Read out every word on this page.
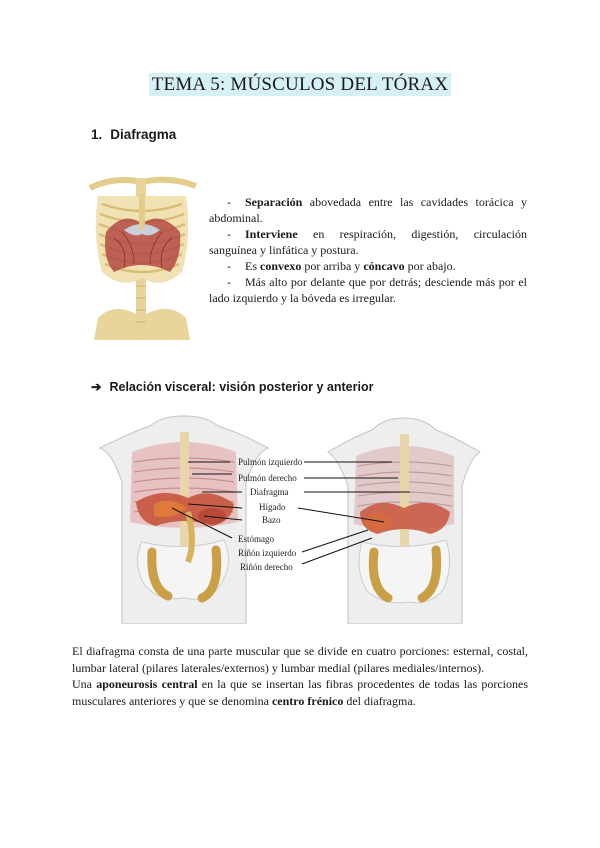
TEMA 5: MÚSCULOS DEL TÓRAX
1. Diafragma

- Separación abovedada entre las cavidades torácica y abdominal.

- Interviene en respiración, digestión, circulación sanguínea y linfática y postura.

- Es convexo por arriba y cóncavo por abajo.

- Más alto por delante que por detrás; desciende más por el lado izquierdo y la bóveda es irregular.

➔ Relación visceral: visión posterior y anterior
Pulmón izquierdo
Pulmón derecho
Diafragma
Hígado
Bazo
Estómago
Riñón izquierdo
Riñón derecho

El diafragma consta de una parte muscular que se divide en cuatro porciones: esternal, costal, lumbar lateral (pilares laterales/externos) y lumbar medial (pilares mediales/internos).

Una aponeurosis central en la que se insertan las fibras procedentes de todas las porciones musculares anteriores y que se denomina centro frénico del diafragma.
